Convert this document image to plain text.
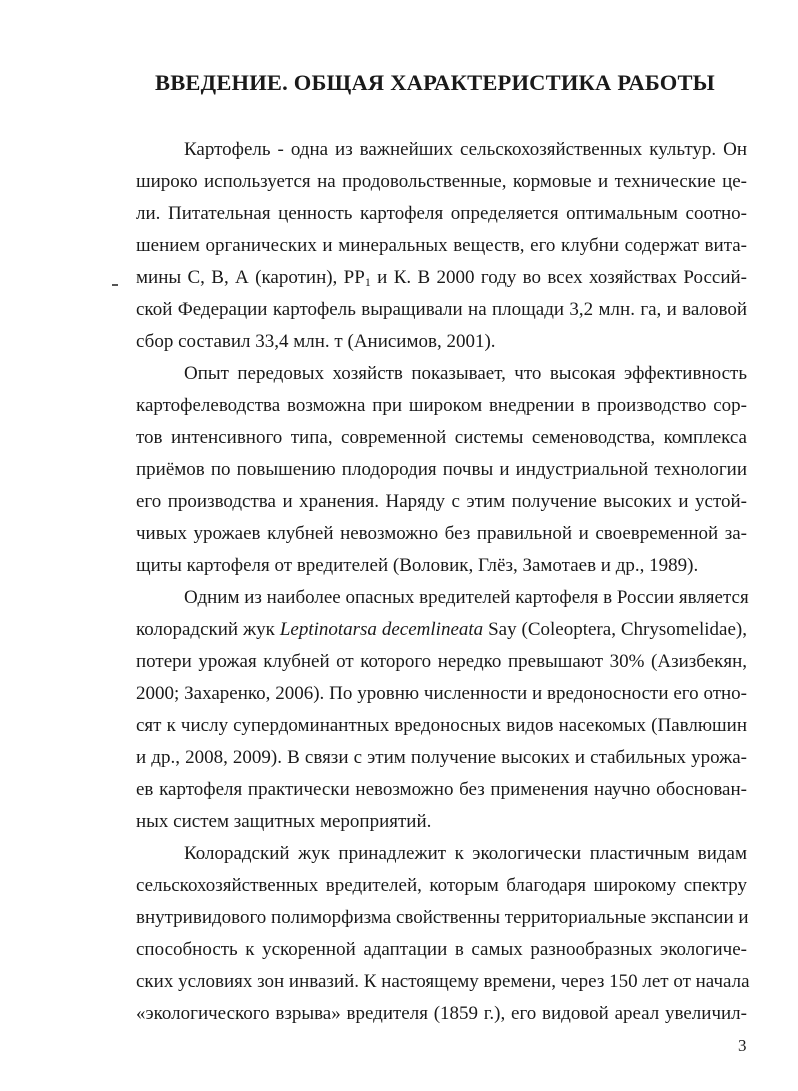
ВВЕДЕНИЕ. ОБЩАЯ ХАРАКТЕРИСТИКА РАБОТЫ
Картофель - одна из важнейших сельскохозяйственных культур. Он
широко используется на продовольственные, кормовые и технические це-
ли. Питательная ценность картофеля определяется оптимальным соотно-
шением органических и минеральных веществ, его клубни содержат вита-
мины С, В, А (каротин), $РР_1$ и К. В 2000 году во всех хозяйствах Россий-
ской Федерации картофель выращивали на площади 3,2 млн. га, и валовой
сбор составил 33,4 млн. т (Анисимов, 2001).
Опыт передовых хозяйств показывает, что высокая эффективность
картофелеводства возможна при широком внедрении в производство сор-
тов интенсивного типа, современной системы семеноводства, комплекса
приёмов по повышению плодородия почвы и индустриальной технологии
его производства и хранения. Наряду с этим получение высоких и устой-
чивых урожаев клубней невозможно без правильной и своевременной за-
щиты картофеля от вредителей (Воловик, Глёз, Замотаев и др., 1989).
Одним из наиболее опасных вредителей картофеля в России является
колорадский жук Leptinotarsa decemlineata Say (Coleoptera, Chrysomelidae),
потери урожая клубней от которого нередко превышают 30% (Азизбекян,
2000; Захаренко, 2006). По уровню численности и вредоносности его отно-
сят к числу супердоминантных вредоносных видов насекомых (Павлюшин
и др., 2008, 2009). В связи с этим получение высоких и стабильных урожа-
ев картофеля практически невозможно без применения научно обоснован-
ных систем защитных мероприятий.
Колорадский жук принадлежит к экологически пластичным видам
сельскохозяйственных вредителей, которым благодаря широкому спектру
внутривидового полиморфизма свойственны территориальные экспансии и
способность к ускоренной адаптации в самых разнообразных экологиче-
ских условиях зон инвазий. К настоящему времени, через 150 лет от начала
«экологического взрыва» вредителя (1859 г.), его видовой ареал увеличил-
3
